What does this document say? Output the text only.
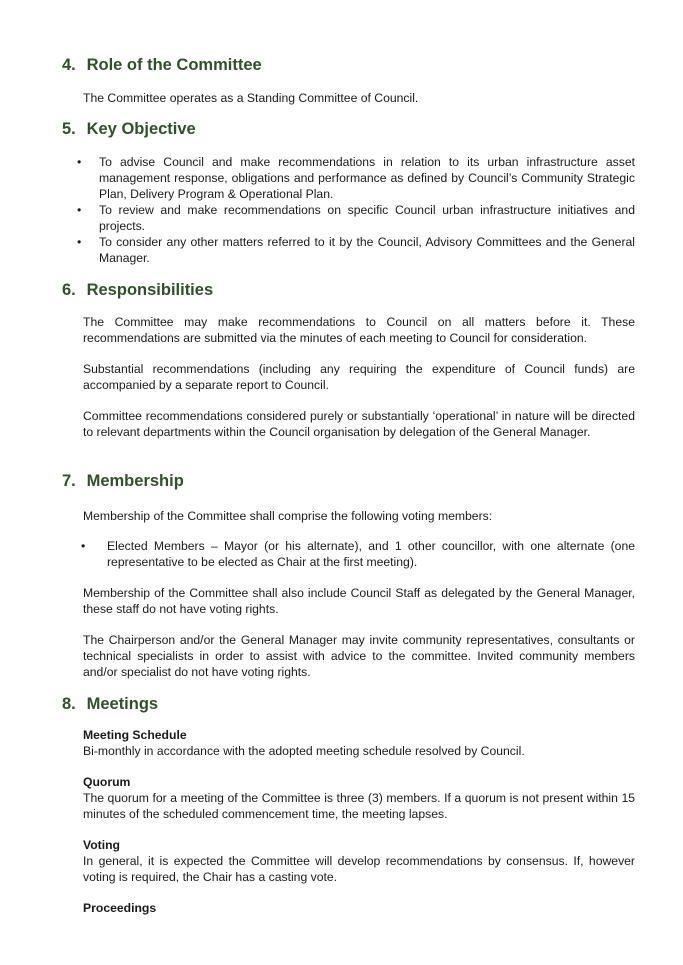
4. Role of the Committee

The Committee operates as a Standing Committee of Council.

5. Key Objective
• To advise Council and make recommendations in relation to its urban infrastructure asset management response, obligations and performance as defined by Council’s Community Strategic Plan, Delivery Program & Operational Plan.
• To review and make recommendations on specific Council urban infrastructure initiatives and projects.
• To consider any other matters referred to it by the Council, Advisory Committees and the General Manager.
6. Responsibilities

The Committee may make recommendations to Council on all matters before it. These recommendations are submitted via the minutes of each meeting to Council for consideration.

Substantial recommendations (including any requiring the expenditure of Council funds) are accompanied by a separate report to Council.

Committee recommendations considered purely or substantially ‘operational’ in nature will be directed to relevant departments within the Council organisation by delegation of the General Manager.

7. Membership

Membership of the Committee shall comprise the following voting members:

• Elected Members – Mayor (or his alternate), and 1 other councillor, with one alternate (one representative to be elected as Chair at the first meeting).

Membership of the Committee shall also include Council Staff as delegated by the General Manager, these staff do not have voting rights.

The Chairperson and/or the General Manager may invite community representatives, consultants or technical specialists in order to assist with advice to the committee. Invited community members and/or specialist do not have voting rights.

8. Meetings

Meeting Schedule

Bi-monthly in accordance with the adopted meeting schedule resolved by Council.

Quorum

The quorum for a meeting of the Committee is three (3) members. If a quorum is not present within 15 minutes of the scheduled commencement time, the meeting lapses.

Voting

In general, it is expected the Committee will develop recommendations by consensus. If, however voting is required, the Chair has a casting vote.

Proceedings
